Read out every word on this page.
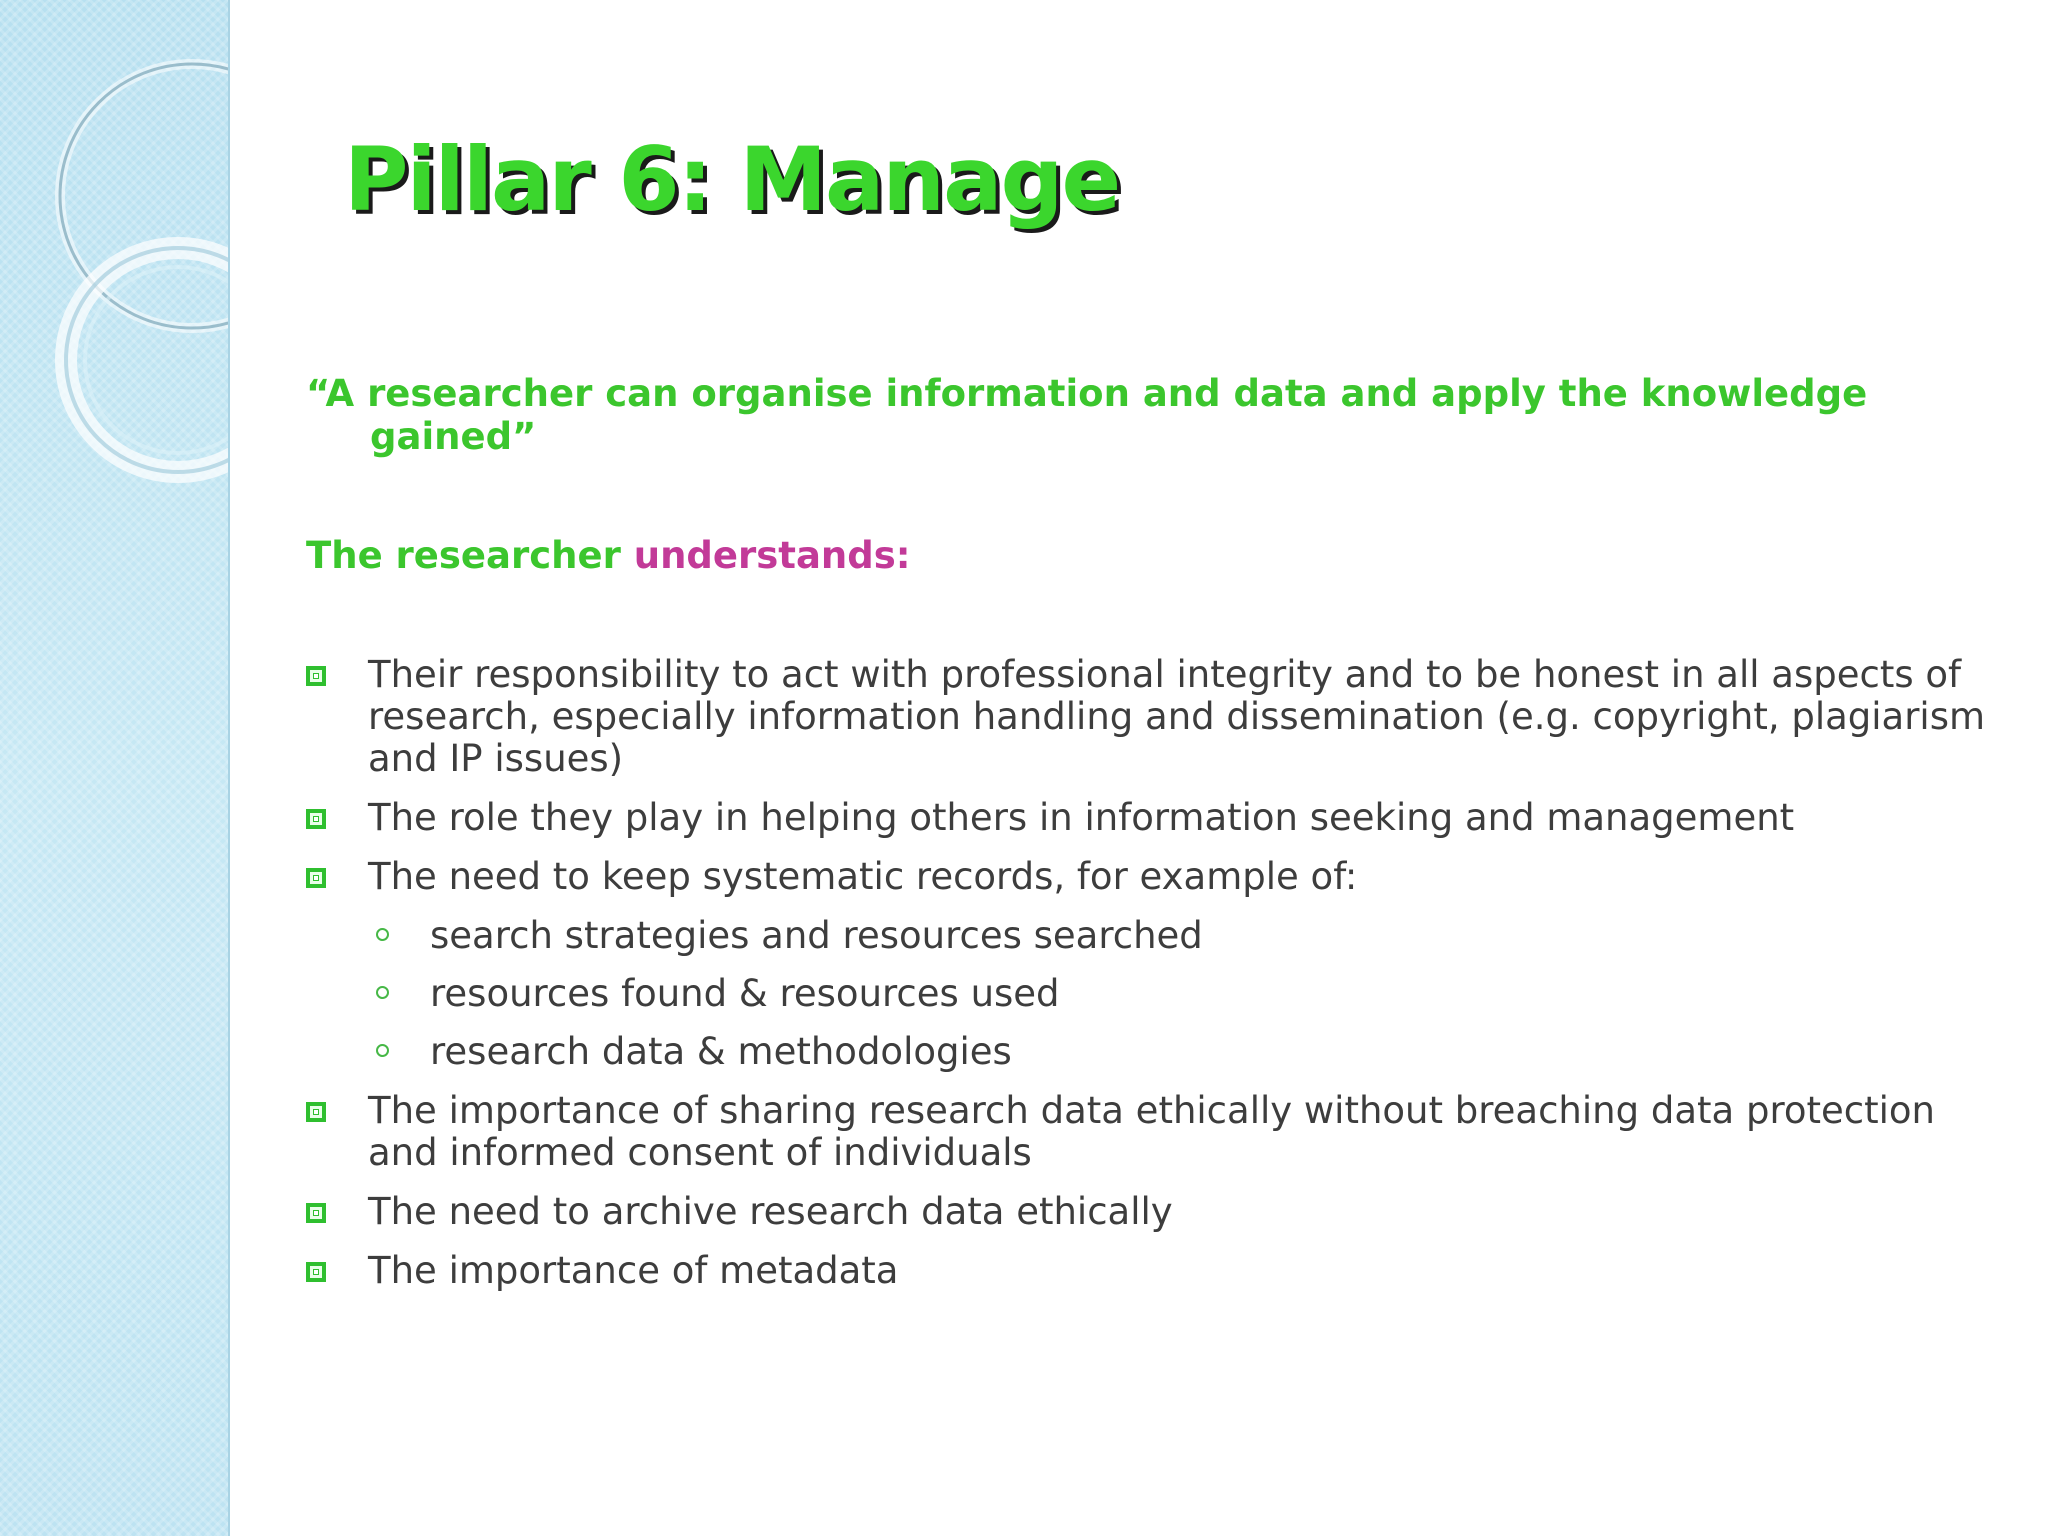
Pillar 6: Manage

“A researcher can organise information and data and apply the knowledge gained”

The researcher understands:

Their responsibility to act with professional integrity and to be honest in all aspects of research, especially information handling and dissemination (e.g. copyright, plagiarism and IP issues)
The role they play in helping others in information seeking and management
The need to keep systematic records, for example of:
search strategies and resources searched
resources found & resources used
research data & methodologies
The importance of sharing research data ethically without breaching data protection and informed consent of individuals
The need to archive research data ethically
The importance of metadata
